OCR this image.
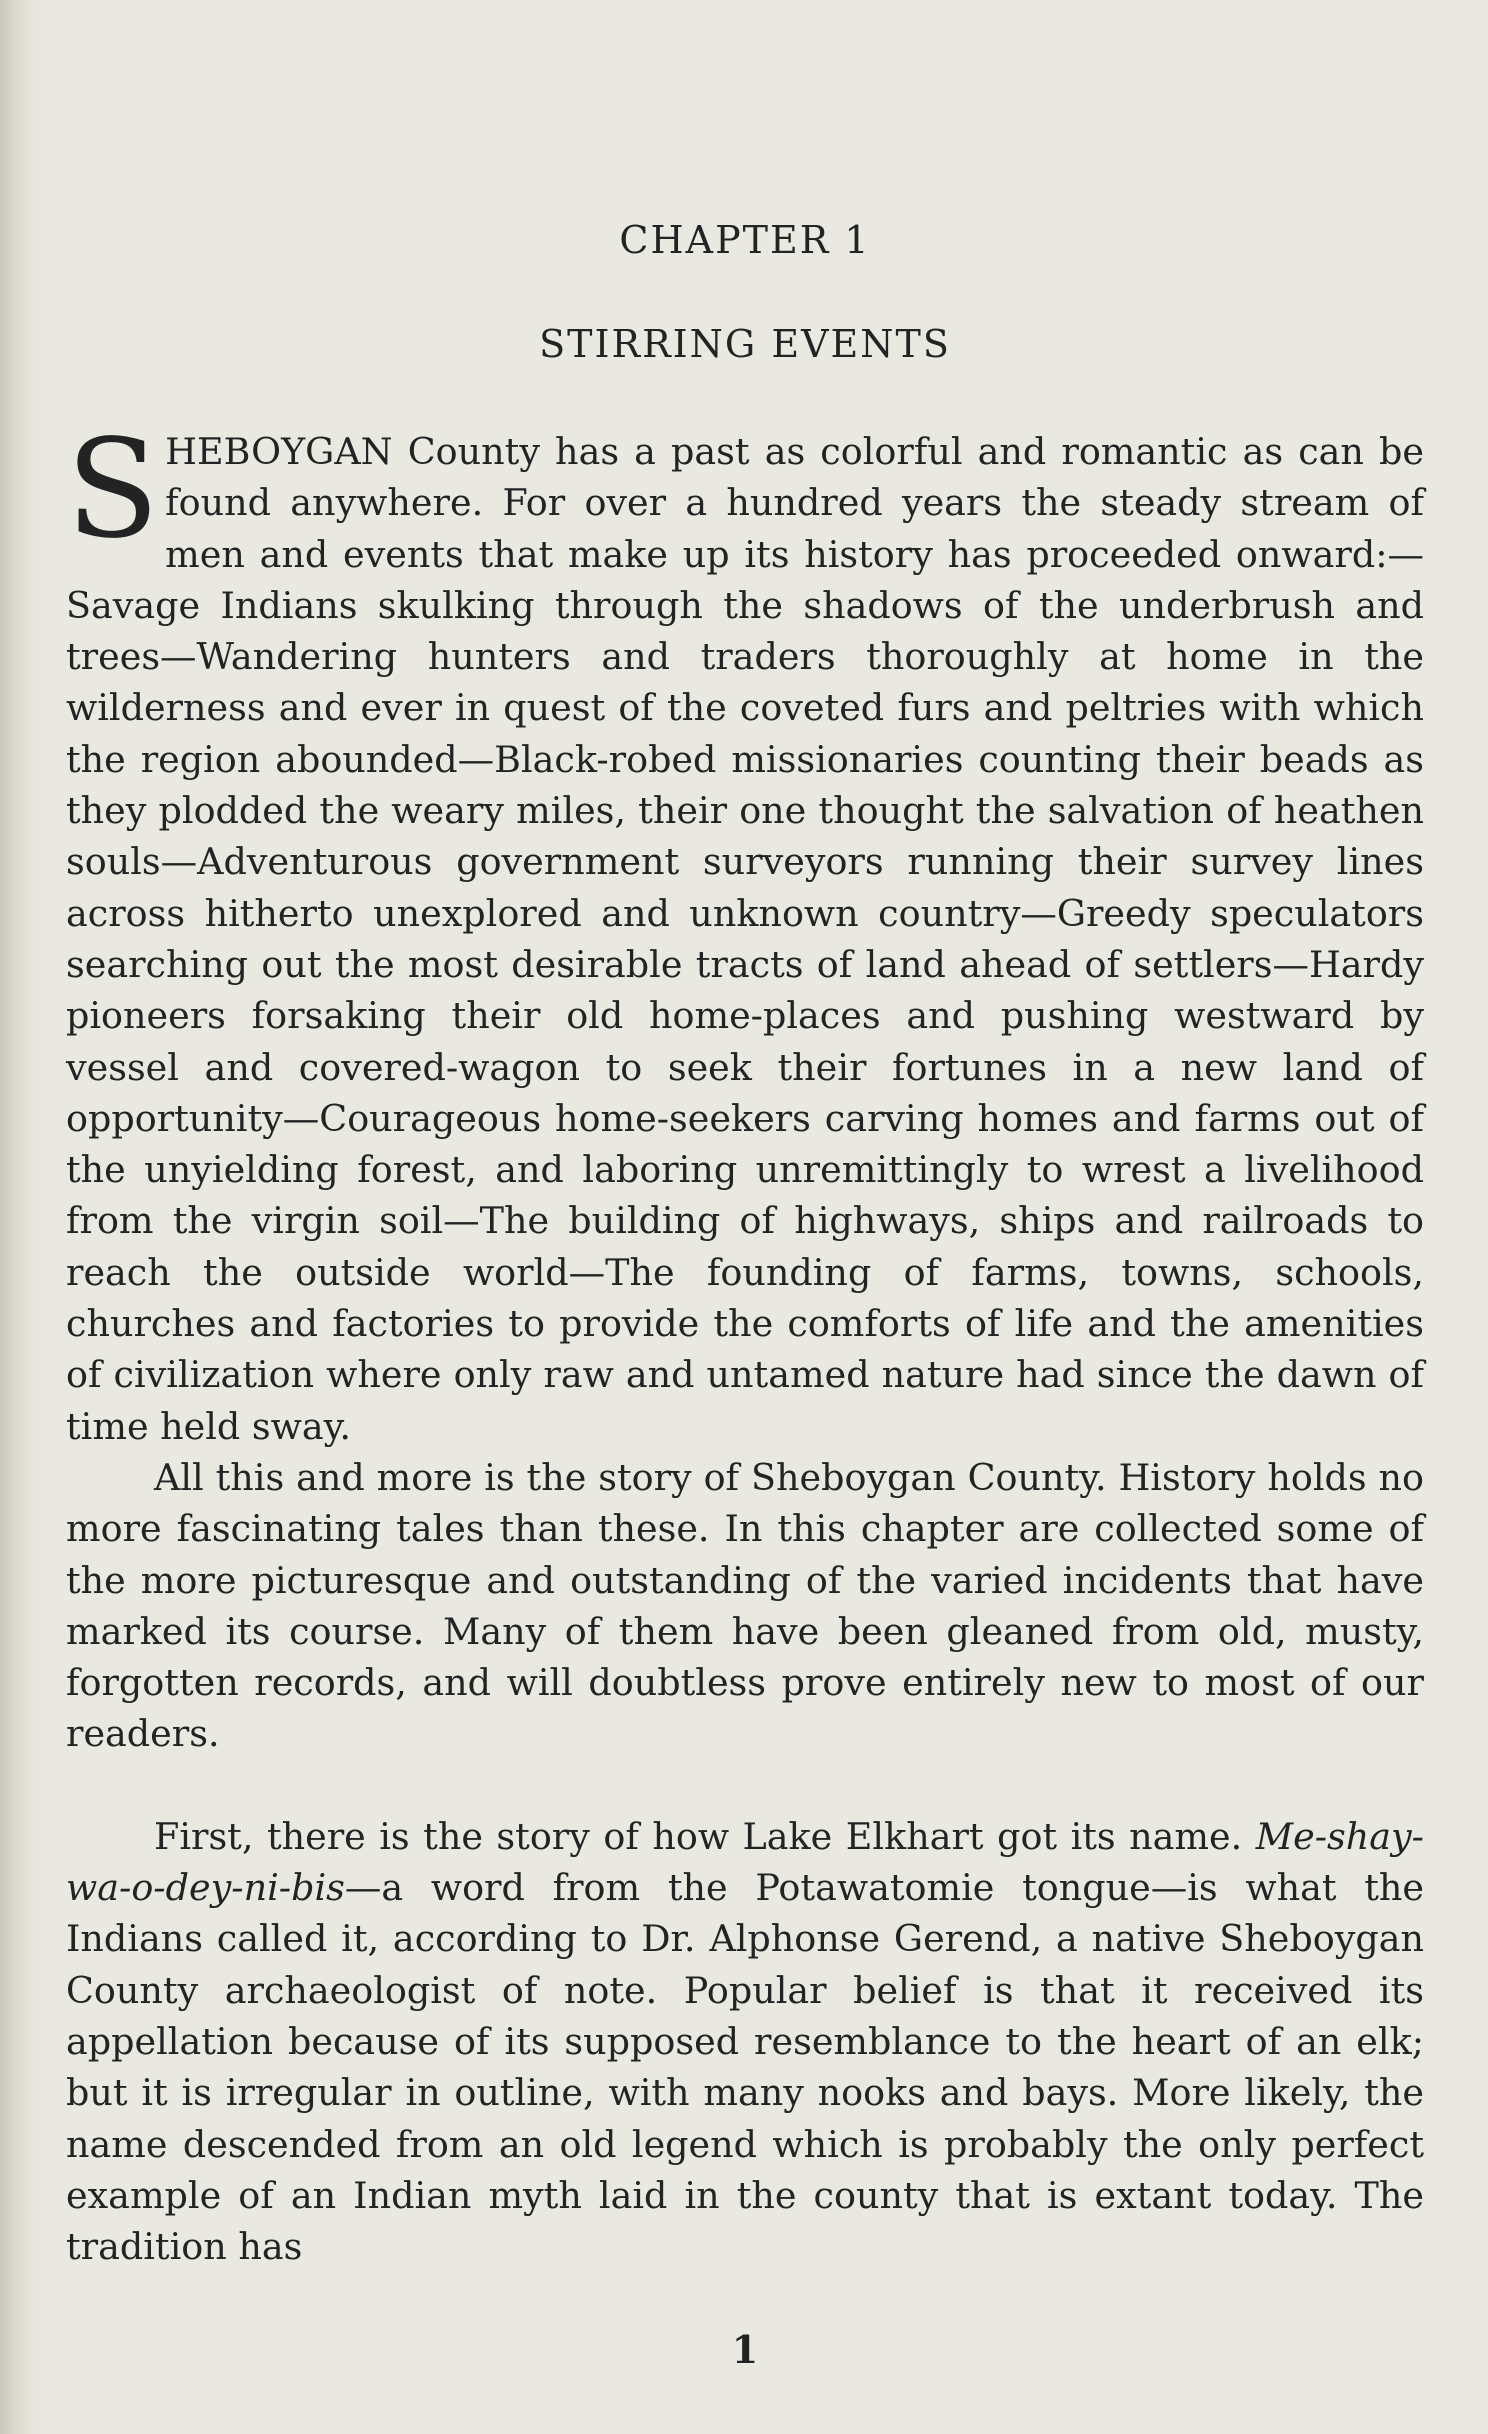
CHAPTER 1
STIRRING EVENTS

SHEBOYGAN County has a past as colorful and romantic as can be found anywhere. For over a hundred years the steady stream of men and events that make up its history has proceeded onward:—Savage Indians skulking through the shadows of the underbrush and trees—Wandering hunters and traders thoroughly at home in the wilderness and ever in quest of the coveted furs and peltries with which the region abounded—Black-robed missionaries counting their beads as they plodded the weary miles, their one thought the salvation of heathen souls—Adventurous government surveyors running their survey lines across hitherto unexplored and unknown country—Greedy speculators searching out the most desirable tracts of land ahead of settlers—Hardy pioneers forsaking their old home-places and pushing westward by vessel and covered-wagon to seek their fortunes in a new land of opportunity—Courageous home-seekers carving homes and farms out of the unyielding forest, and laboring unremittingly to wrest a livelihood from the virgin soil—The building of highways, ships and railroads to reach the outside world—The founding of farms, towns, schools, churches and factories to provide the comforts of life and the amenities of civilization where only raw and untamed nature had since the dawn of time held sway.

All this and more is the story of Sheboygan County. History holds no more fascinating tales than these. In this chapter are collected some of the more picturesque and outstanding of the varied incidents that have marked its course. Many of them have been gleaned from old, musty, forgotten records, and will doubtless prove entirely new to most of our readers.

First, there is the story of how Lake Elkhart got its name. Me-shay-wa-o-dey-ni-bis—a word from the Potawatomie tongue—is what the Indians called it, according to Dr. Alphonse Gerend, a native Sheboygan County archaeologist of note. Popular belief is that it received its appellation because of its supposed resemblance to the heart of an elk; but it is irregular in outline, with many nooks and bays. More likely, the name descended from an old legend which is probably the only perfect example of an Indian myth laid in the county that is extant today. The tradition has

1
